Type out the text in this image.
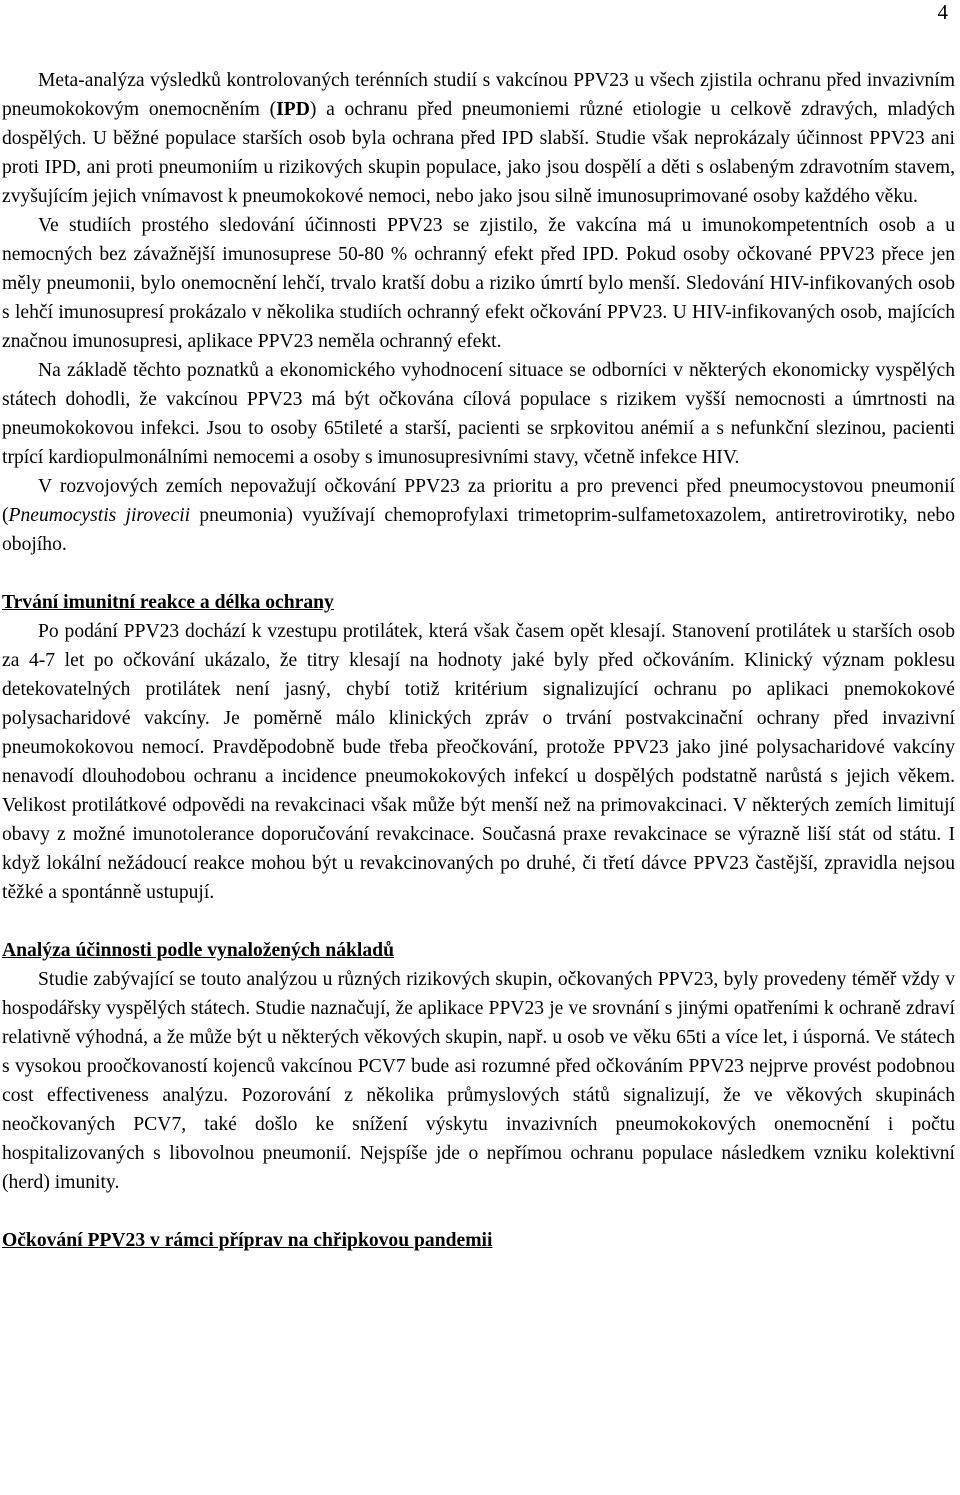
4

Meta-analýza výsledků kontrolovaných terénních studií s vakcínou PPV23 u všech zjistila ochranu před invazivním pneumokokovým onemocněním (IPD) a ochranu před pneumoniemi různé etiologie u celkově zdravých, mladých dospělých. U běžné populace starších osob byla ochrana před IPD slabší. Studie však neprokázaly účinnost PPV23 ani proti IPD, ani proti pneumoniím u rizikových skupin populace, jako jsou dospělí a děti s oslabeným zdravotním stavem, zvyšujícím jejich vnímavost k pneumokokové nemoci, nebo jako jsou silně imunosuprimované osoby každého věku.

Ve studiích prostého sledování účinnosti PPV23 se zjistilo, že vakcína má u imunokompetentních osob a u nemocných bez závažnější imunosuprese 50-80 % ochranný efekt před IPD. Pokud osoby očkované PPV23 přece jen měly pneumonii, bylo onemocnění lehčí, trvalo kratší dobu a riziko úmrtí bylo menší. Sledování HIV-infikovaných osob s lehčí imunosupresí prokázalo v několika studiích ochranný efekt očkování PPV23. U HIV-infikovaných osob, majících značnou imunosupresi, aplikace PPV23 neměla ochranný efekt.

Na základě těchto poznatků a ekonomického vyhodnocení situace se odborníci v některých ekonomicky vyspělých státech dohodli, že vakcínou PPV23 má být očkována cílová populace s rizikem vyšší nemocnosti a úmrtnosti na pneumokokovou infekci. Jsou to osoby 65tileté a starší, pacienti se srpkovitou anémií a s nefunkční slezinou, pacienti trpící kardiopulmonálními nemocemi a osoby s imunosupresivními stavy, včetně infekce HIV.

V rozvojových zemích nepovažují očkování PPV23 za prioritu a pro prevenci před pneumocystovou pneumonií (Pneumocystis jirovecii pneumonia) využívají chemoprofylaxi trimetoprim-sulfametoxazolem, antiretrovirotiky, nebo obojího.

Trvání imunitní reakce a délka ochrany

Po podání PPV23 dochází k vzestupu protilátek, která však časem opět klesají. Stanovení protilátek u starších osob za 4-7 let po očkování ukázalo, že titry klesají na hodnoty jaké byly před očkováním. Klinický význam poklesu detekovatelných protilátek není jasný, chybí totiž kritérium signalizující ochranu po aplikaci pnemokokové polysacharidové vakcíny. Je poměrně málo klinických zpráv o trvání postvakcinační ochrany před invazivní pneumokokovou nemocí. Pravděpodobně bude třeba přeočkování, protože PPV23 jako jiné polysacharidové vakcíny nenavodí dlouhodobou ochranu a incidence pneumokokových infekcí u dospělých podstatně narůstá s jejich věkem. Velikost protilátkové odpovědi na revakcinaci však může být menší než na primovakcinaci. V některých zemích limitují obavy z možné imunotolerance doporučování revakcinace. Současná praxe revakcinace se výrazně liší stát od státu. I když lokální nežádoucí reakce mohou být u revakcinovaných po druhé, či třetí dávce PPV23 častější, zpravidla nejsou těžké a spontánně ustupují.

Analýza účinnosti podle vynaložených nákladů

Studie zabývající se touto analýzou u různých rizikových skupin, očkovaných PPV23, byly provedeny téměř vždy v hospodářsky vyspělých státech. Studie naznačují, že aplikace PPV23 je ve srovnání s jinými opatřeními k ochraně zdraví relativně výhodná, a že může být u některých věkových skupin, např. u osob ve věku 65ti a více let, i úsporná. Ve státech s vysokou proočkovaností kojenců vakcínou PCV7 bude asi rozumné před očkováním PPV23 nejprve provést podobnou cost effectiveness analýzu. Pozorování z několika průmyslových států signalizují, že ve věkových skupinách neočkovaných PCV7, také došlo ke snížení výskytu invazivních pneumokokových onemocnění i počtu hospitalizovaných s libovolnou pneumonií. Nejspíše jde o nepřímou ochranu populace následkem vzniku kolektivní (herd) imunity.

Očkování PPV23 v rámci příprav na chřipkovou pandemii
